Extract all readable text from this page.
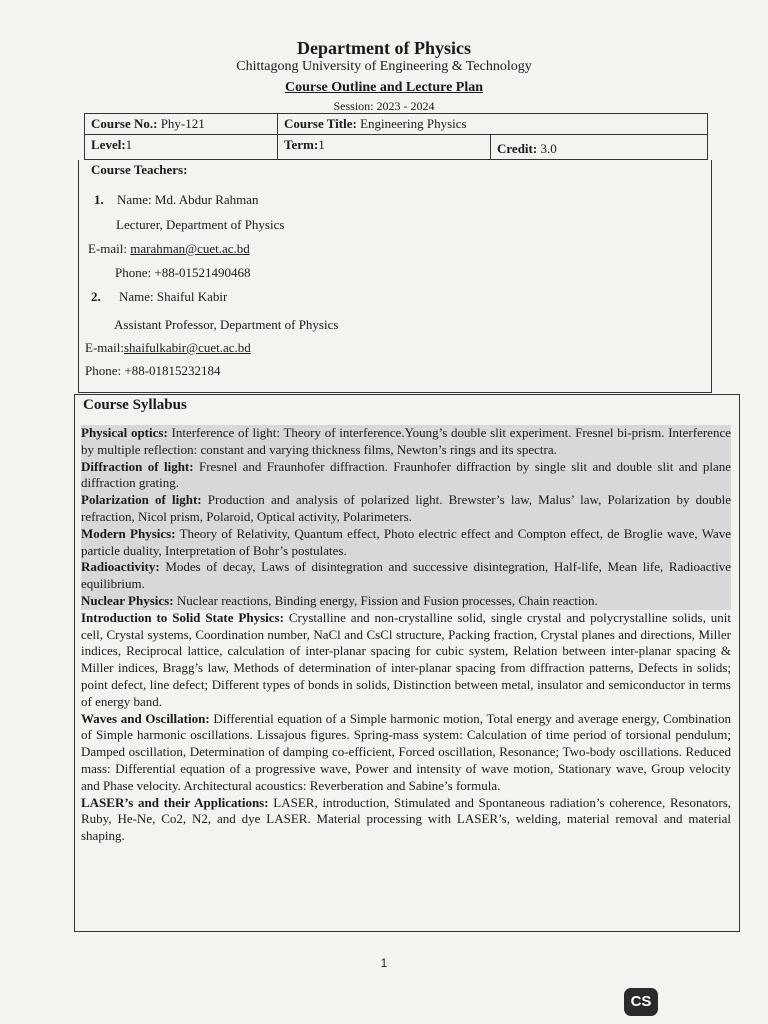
Department of Physics
Chittagong University of Engineering & Technology
Course Outline and Lecture Plan
Session: 2023 - 2024
Course No.: Phy-121	Course Title: Engineering Physics	
Level:1	Term:1	Credit: 3.0
Course Teachers:
1. Name: Md. Abdur Rahman
Lecturer, Department of Physics
E-mail: marahman@cuet.ac.bd
Phone: +88-01521490468
2. Name: Shaiful Kabir
Assistant Professor, Department of Physics
E-mail:shaifulkabir@cuet.ac.bd
Phone: +88-01815232184
Course Syllabus

Physical optics: Interference of light: Theory of interference.Young’s double slit experiment. Fresnel bi-prism. Interference by multiple reflection: constant and varying thickness films, Newton’s rings and its spectra.

Diffraction of light: Fresnel and Fraunhofer diffraction. Fraunhofer diffraction by single slit and double slit and plane diffraction grating.

Polarization of light: Production and analysis of polarized light. Brewster’s law, Malus’ law, Polarization by double refraction, Nicol prism, Polaroid, Optical activity, Polarimeters.

Modern Physics: Theory of Relativity, Quantum effect, Photo electric effect and Compton effect, de Broglie wave, Wave particle duality, Interpretation of Bohr’s postulates.

Radioactivity: Modes of decay, Laws of disintegration and successive disintegration, Half-life, Mean life, Radioactive equilibrium.

Nuclear Physics: Nuclear reactions, Binding energy, Fission and Fusion processes, Chain reaction.

Introduction to Solid State Physics: Crystalline and non-crystalline solid, single crystal and polycrystalline solids, unit cell, Crystal systems, Coordination number, NaCl and CsCl structure, Packing fraction, Crystal planes and directions, Miller indices, Reciprocal lattice, calculation of inter-planar spacing for cubic system, Relation between inter-planar spacing & Miller indices, Bragg’s law, Methods of determination of inter-planar spacing from diffraction patterns, Defects in solids; point defect, line defect; Different types of bonds in solids, Distinction between metal, insulator and semiconductor in terms of energy band.

Waves and Oscillation: Differential equation of a Simple harmonic motion, Total energy and average energy, Combination of Simple harmonic oscillations. Lissajous figures. Spring-mass system: Calculation of time period of torsional pendulum; Damped oscillation, Determination of damping co-efficient, Forced oscillation, Resonance; Two-body oscillations. Reduced mass: Differential equation of a progressive wave, Power and intensity of wave motion, Stationary wave, Group velocity and Phase velocity. Architectural acoustics: Reverberation and Sabine’s formula.

LASER’s and their Applications: LASER, introduction, Stimulated and Spontaneous radiation’s coherence, Resonators, Ruby, He-Ne, Co2, N2, and dye LASER. Material processing with LASER’s, welding, material removal and material shaping.

1
CS
